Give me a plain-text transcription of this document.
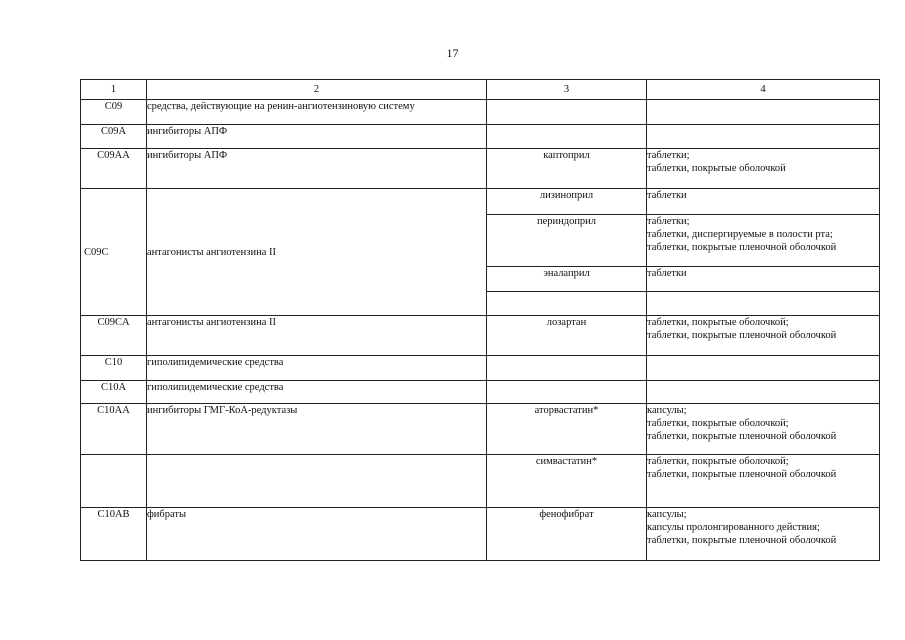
17
1	2	3	4
C09	средства, действующие на ренин-ангиотензиновую систему		
C09A	ингибиторы АПФ		
C09AA	ингибиторы АПФ	каптоприл	таблетки;
таблетки, покрытые оболочкой

C09C	антагонисты ангиотензина II	лизиноприл	таблетки

		периндоприл	таблетки;
таблетки, диспергируемые в полости рта;
таблетки, покрытые пленочной оболочкой

		эналаприл	таблетки

C09CA	антагонисты ангиотензина II	лозартан	таблетки, покрытые оболочкой;
таблетки, покрытые пленочной оболочкой

C10	гиполипидемические средства		
C10A	гиполипидемические средства		
C10AA	ингибиторы ГМГ-КоА-редуктазы	аторвастатин*	капсулы;
таблетки, покрытые оболочкой;
таблетки, покрытые пленочной оболочкой

		симвастатин*	таблетки, покрытые оболочкой;
таблетки, покрытые пленочной оболочкой

C10AB	фибраты	фенофибрат	капсулы;
капсулы пролонгированного действия;
таблетки, покрытые пленочной оболочкой
